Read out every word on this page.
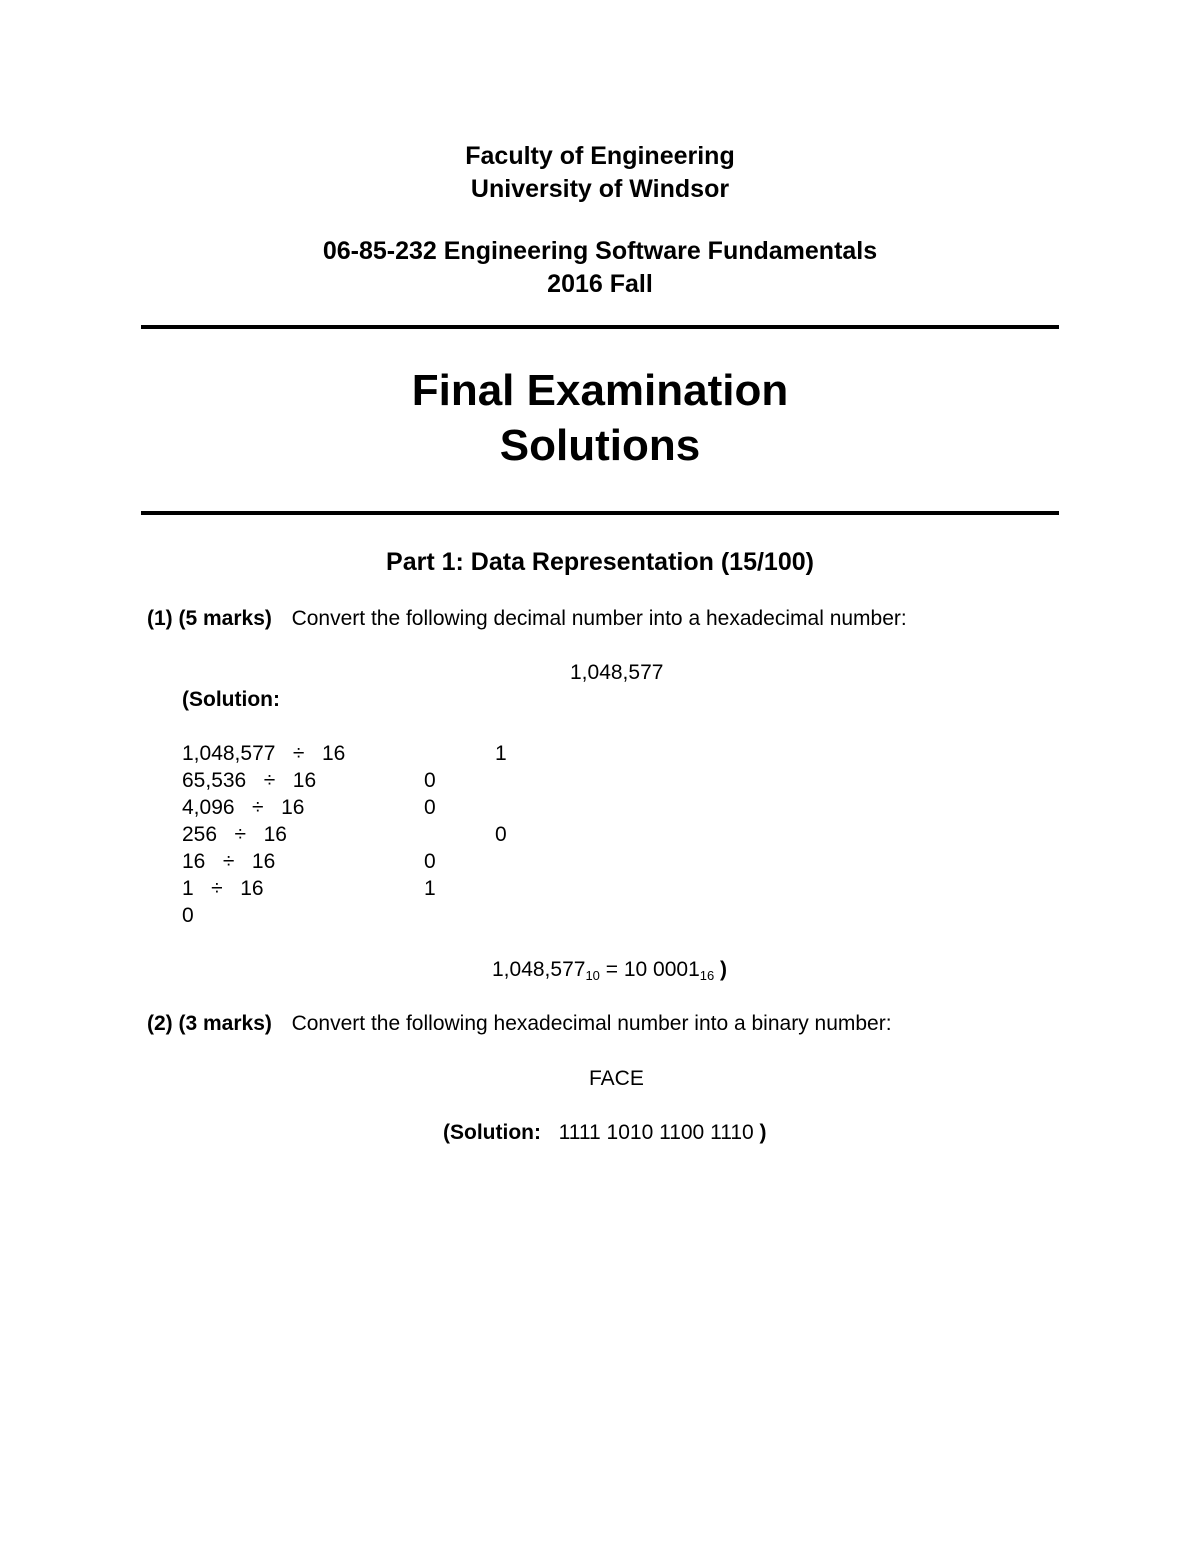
Faculty of Engineering
University of Windsor
06-85-232 Engineering Software Fundamentals
2016 Fall
Final Examination
Solutions
Part 1: Data Representation (15/100)
(1) (5 marks) Convert the following decimal number into a hexadecimal number:
1,048,577
(Solution:
1,048,577   ÷   16	1
65,536   ÷   16	0
4,096   ÷   16	0
256   ÷   16	0
16   ÷   16	0
1   ÷   16	1
0
$1,048,577_{10} = 10$ $0001_{16}$ )
(2) (3 marks) Convert the following hexadecimal number into a binary number:
FACE
(Solution: 1111 1010 1100 1110 )
